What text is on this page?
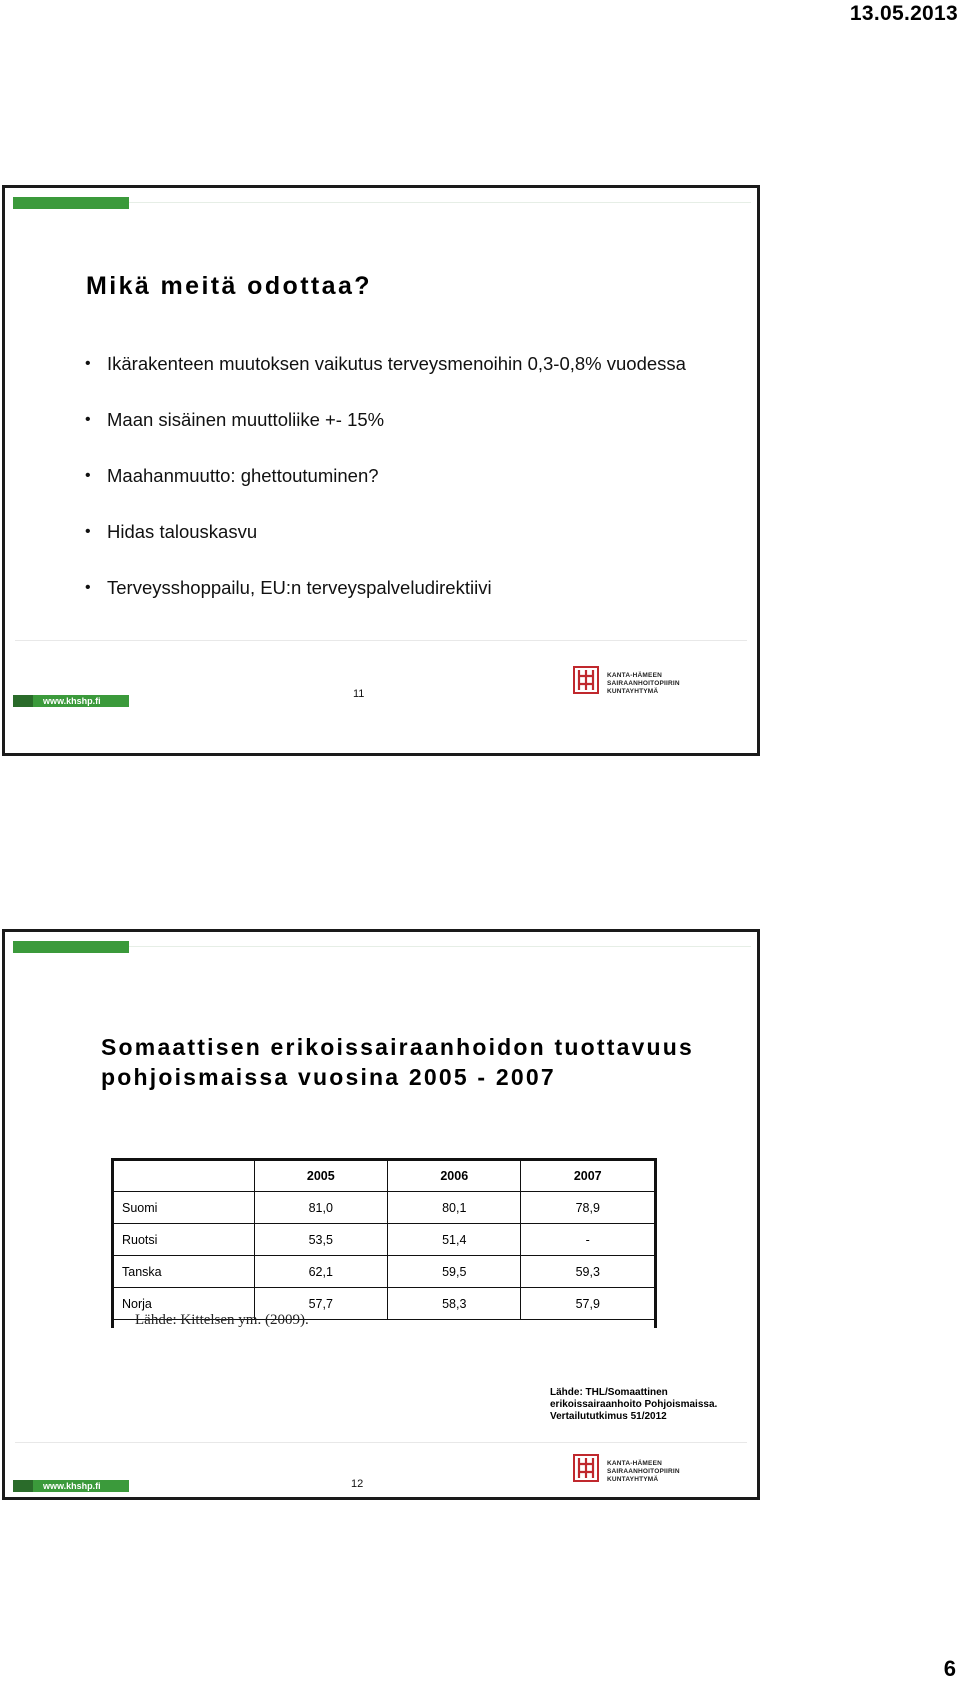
13.05.2013
Mikä meitä odottaa?
• Ikärakenteen muutoksen vaikutus terveysmenoihin 0,3-0,8% vuodessa
• Maan sisäinen muuttoliike +- 15%
• Maahanmuutto: ghettoutuminen?
• Hidas talouskasvu
• Terveysshoppailu, EU:n terveyspalveludirektiivi
www.khshp.fi
11
KANTA-HÄMEEN
SAIRAANHOITOPIIRIN KUNTAYHTYMÄ
Somaattisen erikoissairaanhoidon tuottavuus pohjoismaissa vuosina 2005 - 2007
	2005	2006	2007
Suomi	81,0	80,1	78,9
Ruotsi	53,5	51,4	-
Tanska	62,1	59,5	59,3
Norja	57,7	58,3	57,9
Lähde: Kittelsen ym. (2009).
Lähde: THL/Somaattinen
erikoissairaanhoito Pohjoismaissa.
Vertailututkimus 51/2012
www.khshp.fi	12
KANTA-HÄMEEN
SAIRAANHOITOPIIRIN KUNTAYHTYMÄ
6
